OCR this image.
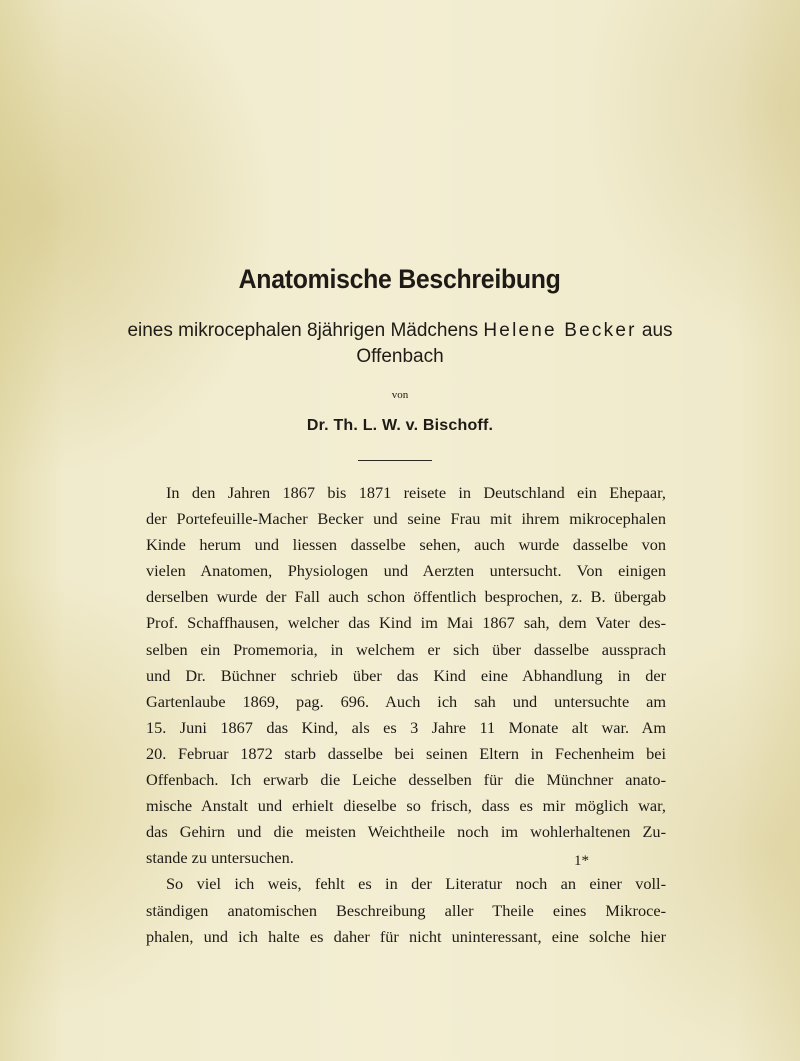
Anatomische Beschreibung
eines mikrocephalen 8jährigen Mädchens Helene Becker aus
Offenbach
von
Dr. Th. L. W. v. Bischoff.
In den Jahren 1867 bis 1871 reisete in Deutschland ein Ehepaar,
der Portefeuille-Macher Becker und seine Frau mit ihrem mikrocephalen
Kinde herum und liessen dasselbe sehen, auch wurde dasselbe von
vielen Anatomen, Physiologen und Aerzten untersucht. Von einigen
derselben wurde der Fall auch schon öffentlich besprochen, z. B. übergab
Prof. Schaffhausen, welcher das Kind im Mai 1867 sah, dem Vater des-
selben ein Promemoria, in welchem er sich über dasselbe aussprach
und Dr. Büchner schrieb über das Kind eine Abhandlung in der
Gartenlaube 1869, pag. 696. Auch ich sah und untersuchte am
15. Juni 1867 das Kind, als es 3 Jahre 11 Monate alt war. Am
20. Februar 1872 starb dasselbe bei seinen Eltern in Fechenheim bei
Offenbach. Ich erwarb die Leiche desselben für die Münchner anato-
mische Anstalt und erhielt dieselbe so frisch, dass es mir möglich war,
das Gehirn und die meisten Weichtheile noch im wohlerhaltenen Zu-
stande zu untersuchen.
So viel ich weis, fehlt es in der Literatur noch an einer voll-
ständigen anatomischen Beschreibung aller Theile eines Mikroce-
phalen, und ich halte es daher für nicht uninteressant, eine solche hier
1*
